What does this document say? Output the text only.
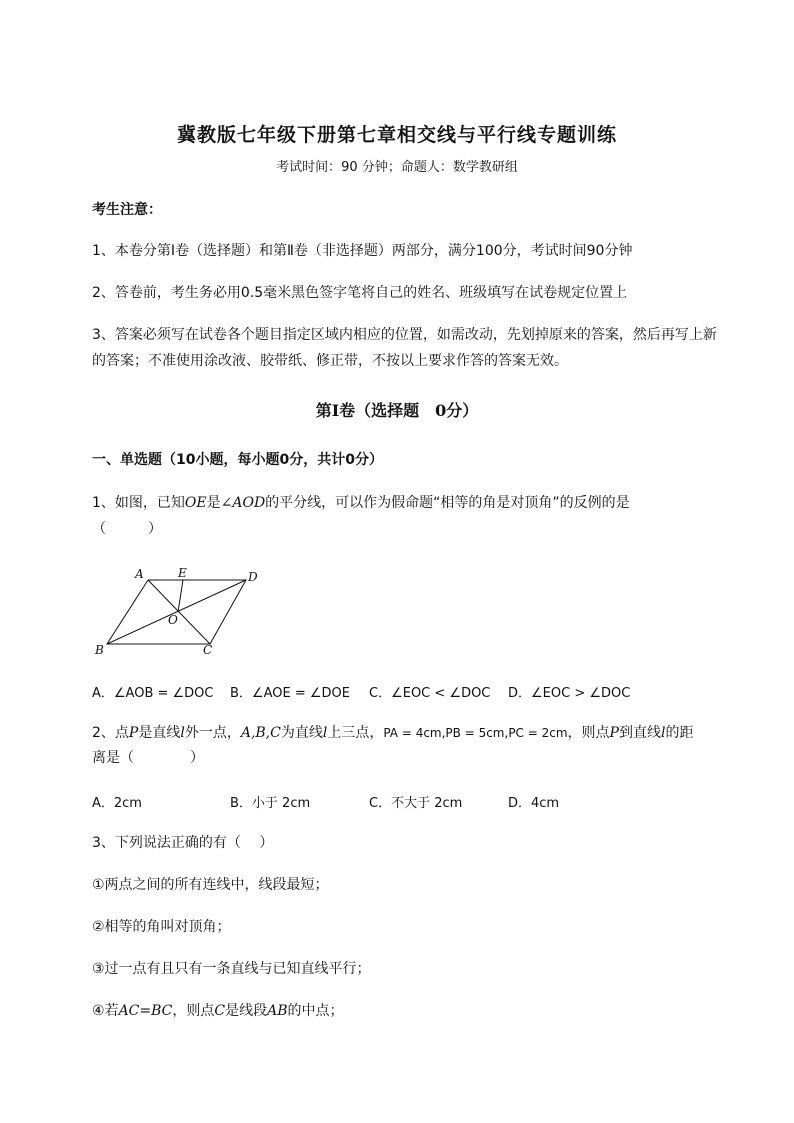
冀教版七年级下册第七章相交线与平行线专题训练
考试时间：90 分钟；命题人：数学教研组
考生注意：
1、本卷分第Ⅰ卷（选择题）和第Ⅱ卷（非选择题）两部分，满分100分，考试时间90分钟
2、答卷前，考生务必用0.5毫米黑色签字笔将自己的姓名、班级填写在试卷规定位置上
3、答案必须写在试卷各个题目指定区域内相应的位置，如需改动，先划掉原来的答案，然后再写上新
的答案；不准使用涂改液、胶带纸、修正带，不按以上要求作答的答案无效。
第Ⅰ卷（选择题　0分）
一、单选题（10小题，每小题0分，共计0分）
1、如图，已知OE是∠AOD的平分线，可以作为假命题“相等的角是对顶角”的反例的是
（　　　）
A	E	D
O
B	C
A．∠AOB = ∠DOC B．∠AOE = ∠DOE C．∠EOC < ∠DOC D．∠EOC > ∠DOC
2、点P是直线l外一点，A,B,C为直线l上三点，PA = 4cm,PB = 5cm,PC = 2cm，则点P到直线l的距
离是（　　　　）
A．2cm	B．小于 2cm	C．不大于 2cm	D．4cm
3、下列说法正确的有（　 ）
①两点之间的所有连线中，线段最短；
②相等的角叫对顶角；
③过一点有且只有一条直线与已知直线平行；
④若AC=BC，则点C是线段AB的中点；
